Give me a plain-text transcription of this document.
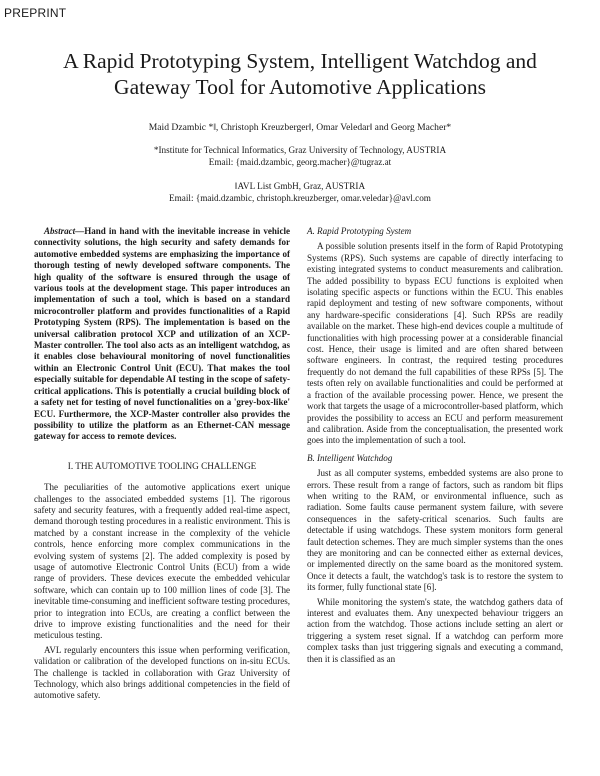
PREPRINT
A Rapid Prototyping System, Intelligent Watchdog and Gateway Tool for Automotive Applications
Maid Dzambic *‖, Christoph Kreuzberger‖, Omar Veledar‖ and Georg Macher*
*Institute for Technical Informatics, Graz University of Technology, AUSTRIA
Email: {maid.dzambic, georg.macher}@tugraz.at
‖AVL List GmbH, Graz, AUSTRIA
Email: {maid.dzambic, christoph.kreuzberger, omar.veledar}@avl.com

Abstract—Hand in hand with the inevitable increase in vehicle connectivity solutions, the high security and safety demands for automotive embedded systems are emphasizing the importance of thorough testing of newly developed software components. The high quality of the software is ensured through the usage of various tools at the development stage. This paper introduces an implementation of such a tool, which is based on a standard microcontroller platform and provides functionalities of a Rapid Prototyping System (RPS). The implementation is based on the universal calibration protocol XCP and utilization of an XCP-Master controller. The tool also acts as an intelligent watchdog, as it enables close behavioural monitoring of novel functionalities within an Electronic Control Unit (ECU). That makes the tool especially suitable for dependable AI testing in the scope of safety-critical applications. This is potentially a crucial building block of a safety net for testing of novel functionalities on a 'grey-box-like' ECU. Furthermore, the XCP-Master controller also provides the possibility to utilize the platform as an Ethernet-CAN message gateway for access to remote devices.

I. THE AUTOMOTIVE TOOLING CHALLENGE

The peculiarities of the automotive applications exert unique challenges to the associated embedded systems [1]. The rigorous safety and security features, with a frequently added real-time aspect, demand thorough testing procedures in a realistic environment. This is matched by a constant increase in the complexity of the vehicle controls, hence enforcing more complex communications in the evolving system of systems [2]. The added complexity is posed by usage of automotive Electronic Control Units (ECU) from a wide range of providers. These devices execute the embedded vehicular software, which can contain up to 100 million lines of code [3]. The inevitable time-consuming and inefficient software testing procedures, prior to integration into ECUs, are creating a conflict between the drive to improve existing functionalities and the need for their meticulous testing.

AVL regularly encounters this issue when performing verification, validation or calibration of the developed functions on in-situ ECUs. The challenge is tackled in collaboration with Graz University of Technology, which also brings additional competencies in the field of automotive safety.

A. Rapid Prototyping System

A possible solution presents itself in the form of Rapid Prototyping Systems (RPS). Such systems are capable of directly interfacing to existing integrated systems to conduct measurements and calibration. The added possibility to bypass ECU functions is exploited when isolating specific aspects or functions within the ECU. This enables rapid deployment and testing of new software components, without any hardware-specific considerations [4]. Such RPSs are readily available on the market. These high-end devices couple a multitude of functionalities with high processing power at a considerable financial cost. Hence, their usage is limited and are often shared between software engineers. In contrast, the required testing procedures frequently do not demand the full capabilities of these RPSs [5]. The tests often rely on available functionalities and could be performed at a fraction of the available processing power. Hence, we present the work that targets the usage of a microcontroller-based platform, which provides the possibility to access an ECU and perform measurement and calibration. Aside from the conceptualisation, the presented work goes into the implementation of such a tool.

B. Intelligent Watchdog

Just as all computer systems, embedded systems are also prone to errors. These result from a range of factors, such as random bit flips when writing to the RAM, or environmental influence, such as radiation. Some faults cause permanent system failure, with severe consequences in the safety-critical scenarios. Such faults are detectable if using watchdogs. These system monitors form general fault detection schemes. They are much simpler systems than the ones they are monitoring and can be connected either as external devices, or implemented directly on the same board as the monitored system. Once it detects a fault, the watchdog's task is to restore the system to its former, fully functional state [6].

While monitoring the system's state, the watchdog gathers data of interest and evaluates them. Any unexpected behaviour triggers an action from the watchdog. Those actions include setting an alert or triggering a system reset signal. If a watchdog can perform more complex tasks than just triggering signals and executing a command, then it is classified as an
